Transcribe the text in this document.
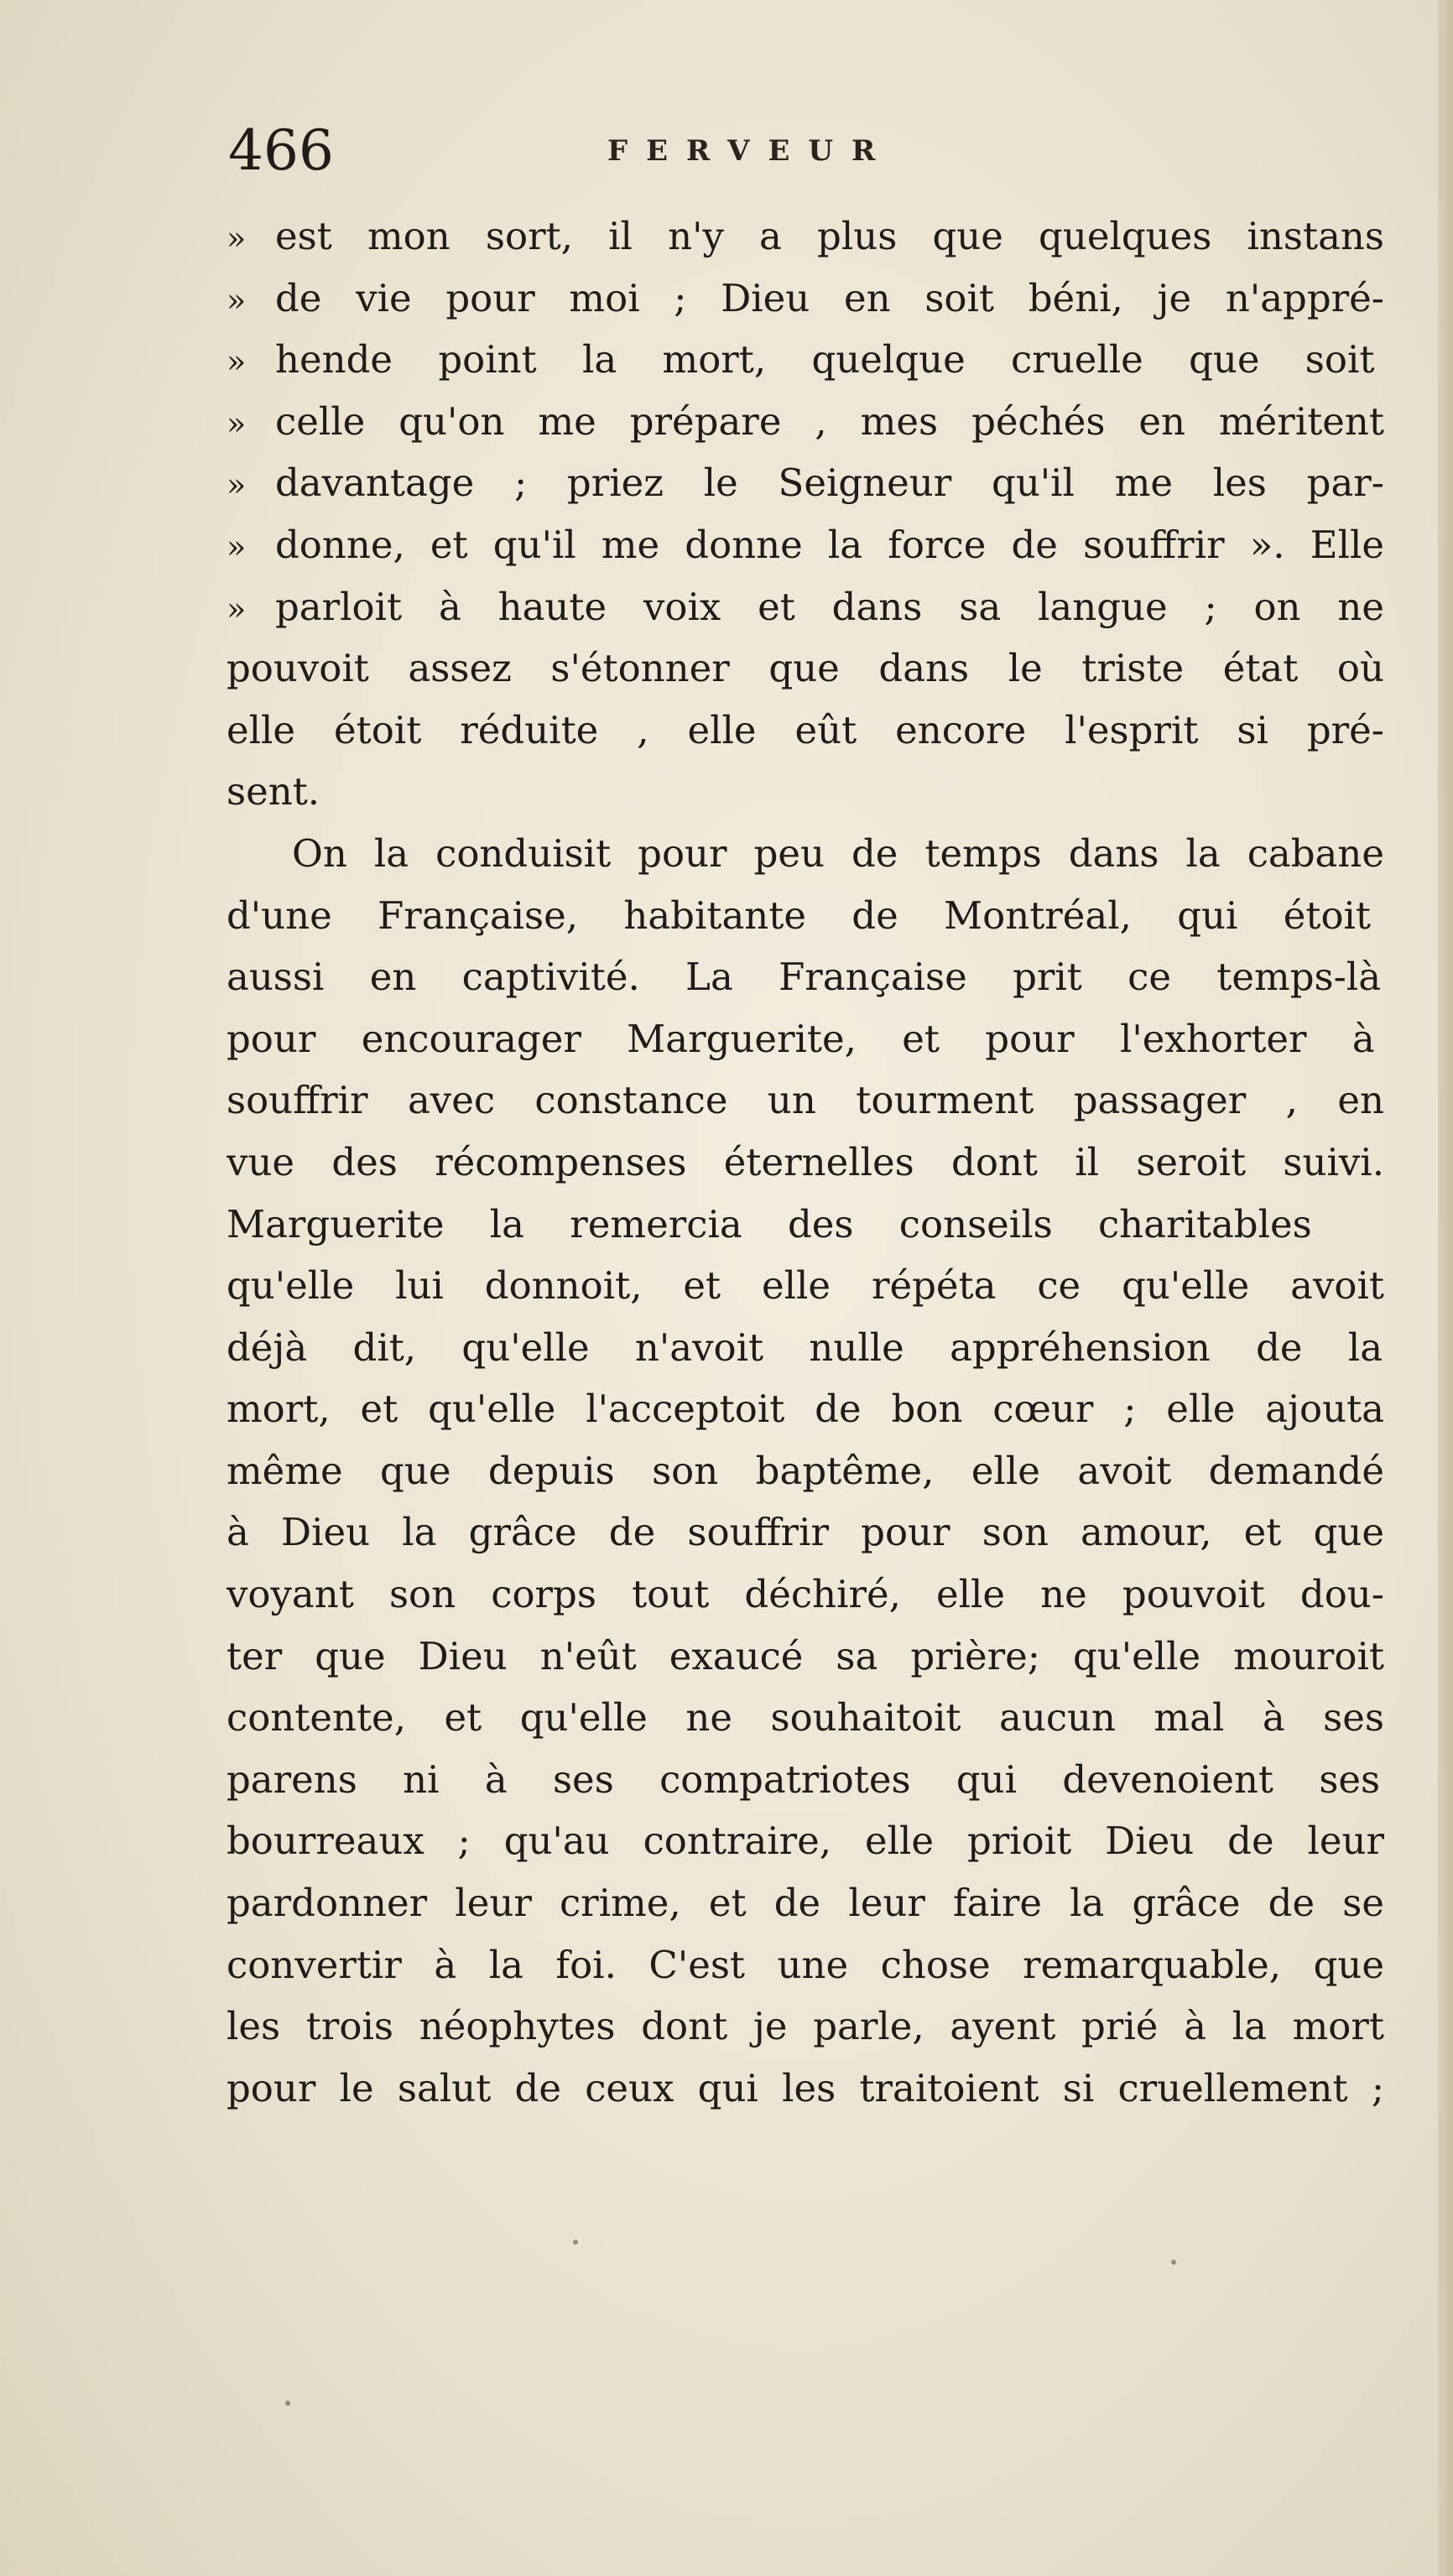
466	FERVEUR
» est mon sort, il n'y a plus que quelques instans
» de vie pour moi ; Dieu en soit béni, je n'appré-
» hende point la mort, quelque cruelle que soit
» celle qu'on me prépare , mes péchés en méritent
» davantage ; priez le Seigneur qu'il me les par-
» donne, et qu'il me donne la force de souffrir ». Elle
» parloit à haute voix et dans sa langue ; on ne
pouvoit assez s'étonner que dans le triste état où
elle étoit réduite , elle eût encore l'esprit si pré-
sent.
On la conduisit pour peu de temps dans la cabane
d'une Française, habitante de Montréal, qui étoit
aussi en captivité. La Française prit ce temps-là
pour encourager Marguerite, et pour l'exhorter à
souffrir avec constance un tourment passager , en
vue des récompenses éternelles dont il seroit suivi.
Marguerite la remercia des conseils charitables
qu'elle lui donnoit, et elle répéta ce qu'elle avoit
déjà dit, qu'elle n'avoit nulle appréhension de la
mort, et qu'elle l'acceptoit de bon cœur ; elle ajouta
même que depuis son baptême, elle avoit demandé
à Dieu la grâce de souffrir pour son amour, et que
voyant son corps tout déchiré, elle ne pouvoit dou-
ter que Dieu n'eût exaucé sa prière; qu'elle mouroit
contente, et qu'elle ne souhaitoit aucun mal à ses
parens ni à ses compatriotes qui devenoient ses
bourreaux ; qu'au contraire, elle prioit Dieu de leur
pardonner leur crime, et de leur faire la grâce de se
convertir à la foi. C'est une chose remarquable, que
les trois néophytes dont je parle, ayent prié à la mort
pour le salut de ceux qui les traitoient si cruellement ;
